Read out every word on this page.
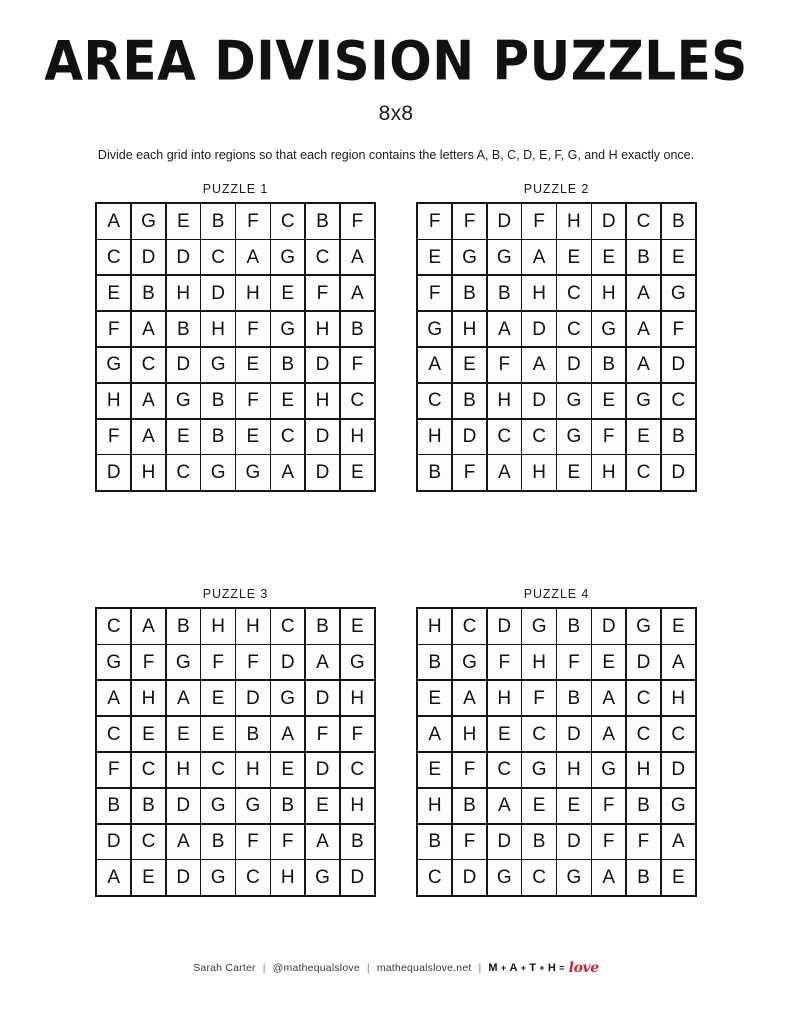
AREA DIVISION PUZZLES
8x8
Divide each grid into regions so that each region contains the letters A, B, C, D, E, F, G, and H exactly once.
PUZZLE 1
A	G	E	B	F	C	B	F
C	D	D	C	A	G	C	A
E	B	H	D	H	E	F	A
F	A	B	H	F	G	H	B
G	C	D	G	E	B	D	F
H	A	G	B	F	E	H	C
F	A	E	B	E	C	D	H
D	H	C	G	G	A	D	E
PUZZLE 2
F	F	D	F	H	D	C	B
E	G	G	A	E	E	B	E
F	B	B	H	C	H	A	G
G	H	A	D	C	G	A	F
A	E	F	A	D	B	A	D
C	B	H	D	G	E	G	C
H	D	C	C	G	F	E	B
B	F	A	H	E	H	C	D
PUZZLE 3
C	A	B	H	H	C	B	E
G	F	G	F	F	D	A	G
A	H	A	E	D	G	D	H
C	E	E	E	B	A	F	F
F	C	H	C	H	E	D	C
B	B	D	G	G	B	E	H
D	C	A	B	F	F	A	B
A	E	D	G	C	H	G	D
PUZZLE 4
H	C	D	G	B	D	G	E
B	G	F	H	F	E	D	A
E	A	H	F	B	A	C	H
A	H	E	C	D	A	C	C
E	F	C	G	H	G	H	D
H	B	A	E	E	F	B	G
B	F	D	B	D	F	F	A
C	D	G	C	G	A	B	E
Sarah Carter | @mathequalslove | mathequalslove.net | M + A + T + H = love
